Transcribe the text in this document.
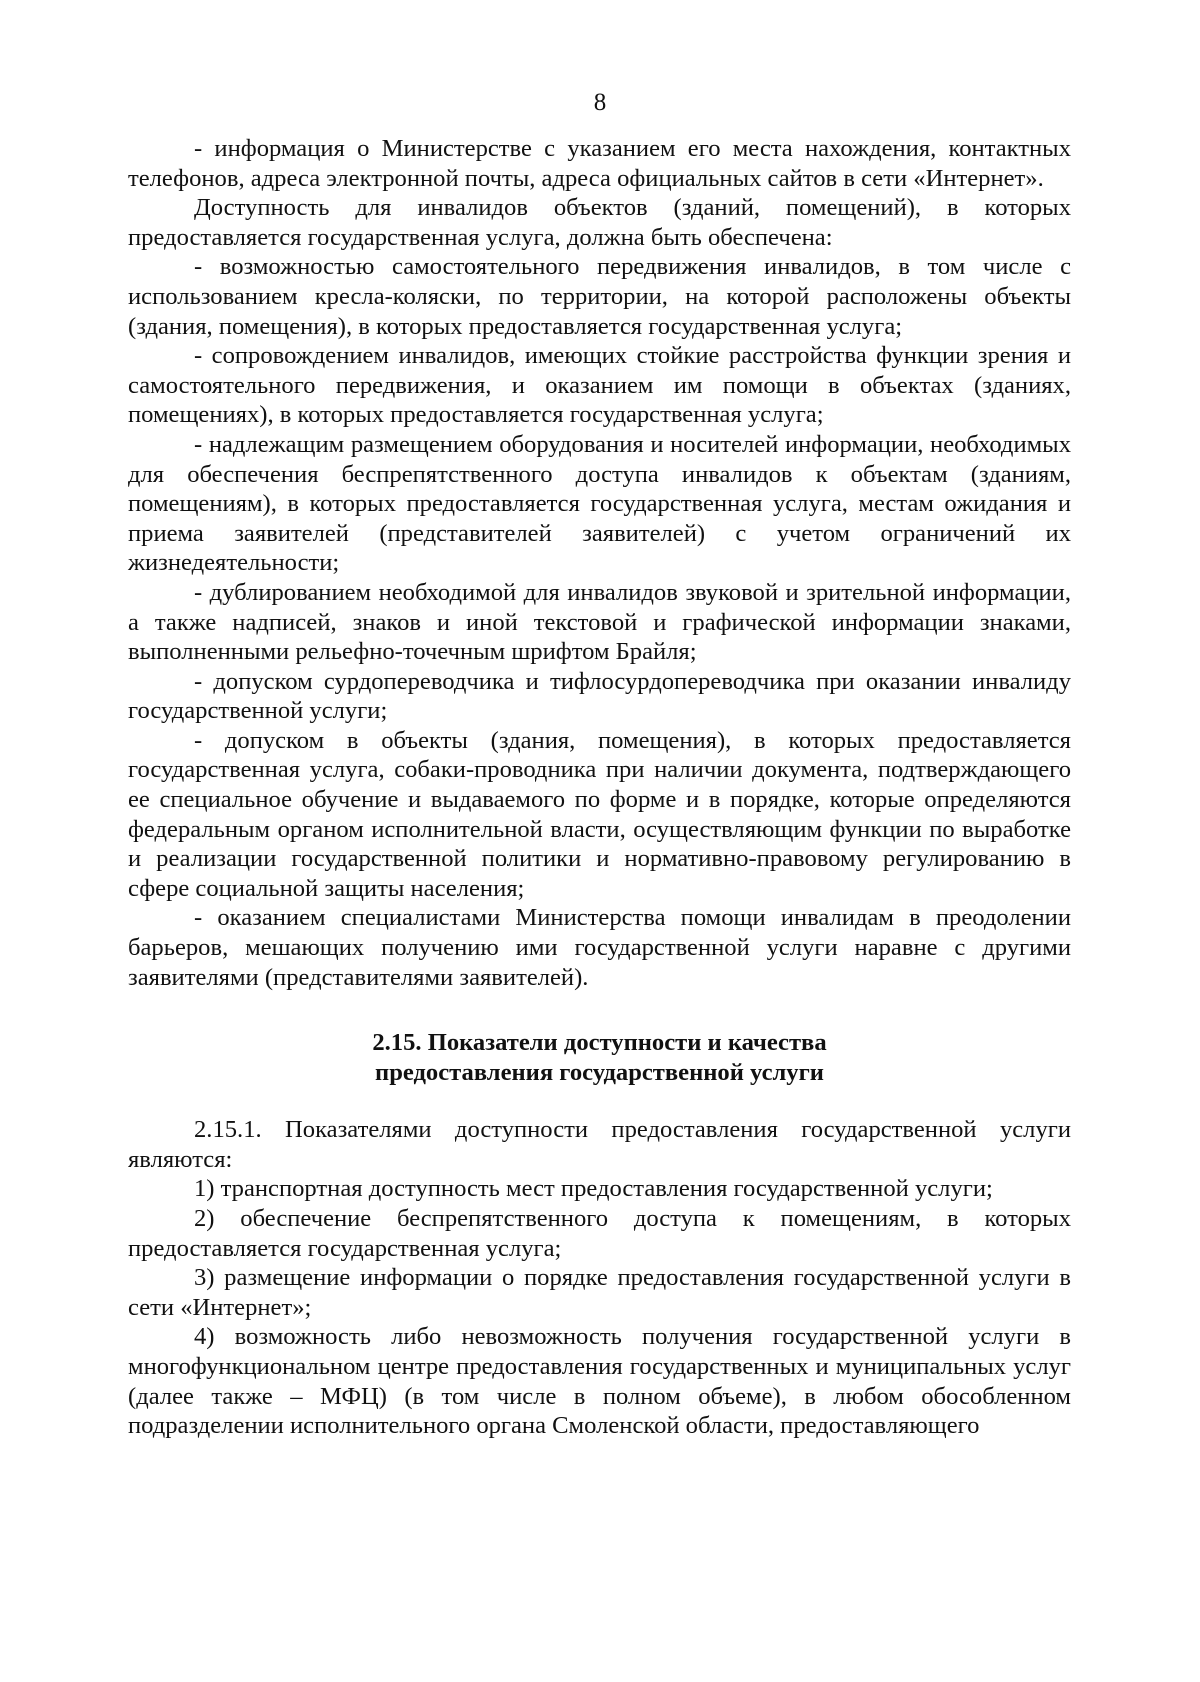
8

- информация о Министерстве с указанием его места нахождения, контактных телефонов, адреса электронной почты, адреса официальных сайтов в сети «Интернет».

Доступность для инвалидов объектов (зданий, помещений), в которых предоставляется государственная услуга, должна быть обеспечена:

- возможностью самостоятельного передвижения инвалидов, в том числе с использованием кресла-коляски, по территории, на которой расположены объекты (здания, помещения), в которых предоставляется государственная услуга;

- сопровождением инвалидов, имеющих стойкие расстройства функции зрения и самостоятельного передвижения, и оказанием им помощи в объектах (зданиях, помещениях), в которых предоставляется государственная услуга;

- надлежащим размещением оборудования и носителей информации, необходимых для обеспечения беспрепятственного доступа инвалидов к объектам (зданиям, помещениям), в которых предоставляется государственная услуга, местам ожидания и приема заявителей (представителей заявителей) с учетом ограничений их жизнедеятельности;

- дублированием необходимой для инвалидов звуковой и зрительной информации, а также надписей, знаков и иной текстовой и графической информации знаками, выполненными рельефно-точечным шрифтом Брайля;

- допуском сурдопереводчика и тифлосурдопереводчика при оказании инвалиду государственной услуги;

- допуском в объекты (здания, помещения), в которых предоставляется государственная услуга, собаки-проводника при наличии документа, подтверждающего ее специальное обучение и выдаваемого по форме и в порядке, которые определяются федеральным органом исполнительной власти, осуществляющим функции по выработке и реализации государственной политики и нормативно-правовому регулированию в сфере социальной защиты населения;

- оказанием специалистами Министерства помощи инвалидам в преодолении барьеров, мешающих получению ими государственной услуги наравне с другими заявителями (представителями заявителей).

2.15. Показатели доступности и качества
предоставления государственной услуги

2.15.1. Показателями доступности предоставления государственной услуги являются:

1) транспортная доступность мест предоставления государственной услуги;

2) обеспечение беспрепятственного доступа к помещениям, в которых предоставляется государственная услуга;

3) размещение информации о порядке предоставления государственной услуги в сети «Интернет»;

4) возможность либо невозможность получения государственной услуги в многофункциональном центре предоставления государственных и муниципальных услуг (далее также – МФЦ) (в том числе в полном объеме), в любом обособленном подразделении исполнительного органа Смоленской области, предоставляющего
